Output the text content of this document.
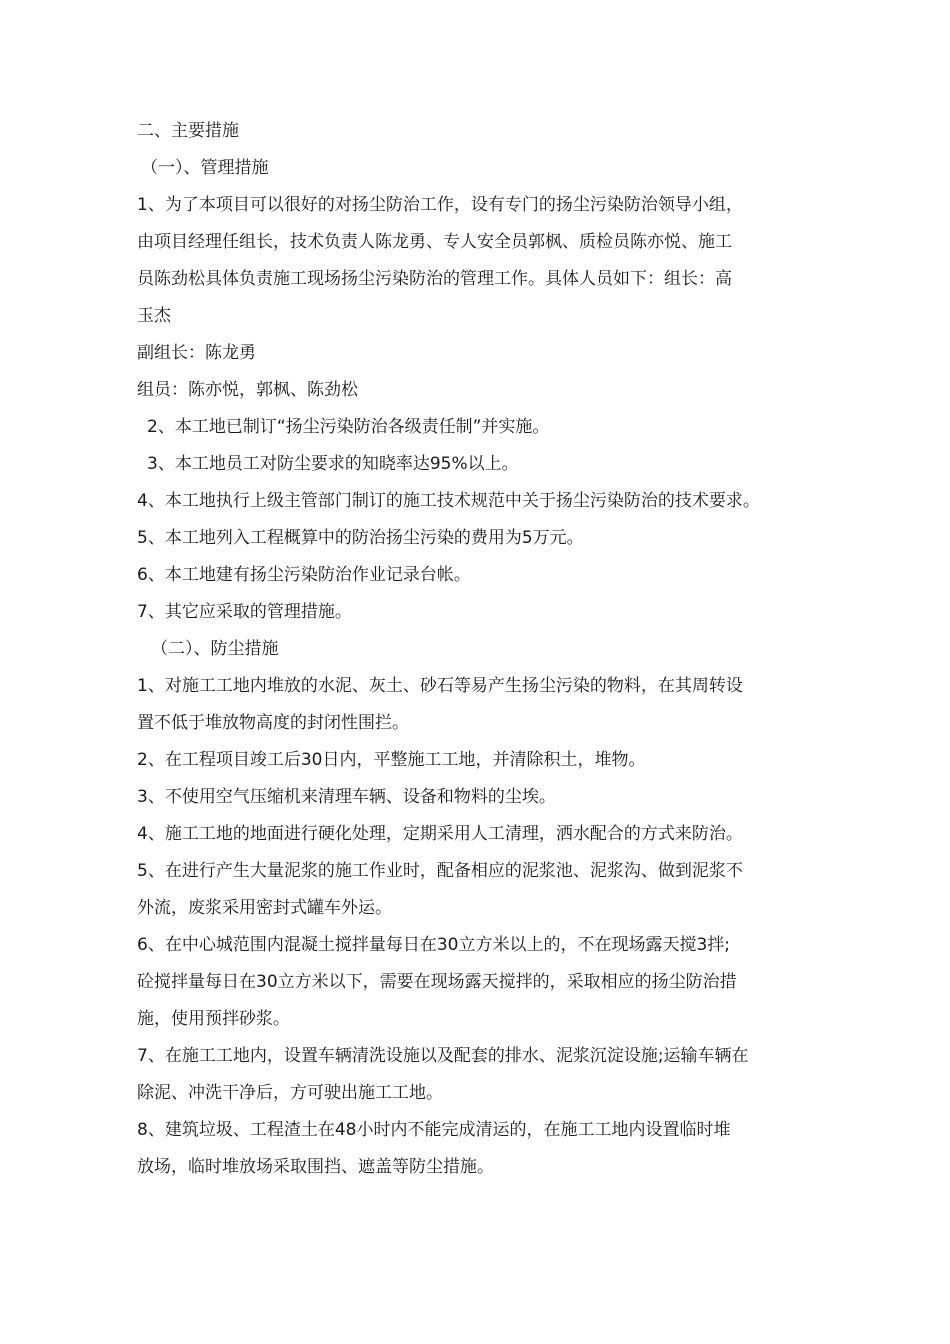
二、主要措施
（一）、管理措施
1、为了本项目可以很好的对扬尘防治工作，设有专门的扬尘污染防治领导小组，
由项目经理任组长，技术负责人陈龙勇、专人安全员郭枫、质检员陈亦悦、施工
员陈劲松具体负责施工现场扬尘污染防治的管理工作。具体人员如下：组长：高
玉杰
副组长：陈龙勇
组员：陈亦悦，郭枫、陈劲松
2、本工地已制订“扬尘污染防治各级责任制”并实施。
3、本工地员工对防尘要求的知晓率达95%以上。
4、本工地执行上级主管部门制订的施工技术规范中关于扬尘污染防治的技术要求。
5、本工地列入工程概算中的防治扬尘污染的费用为5万元。
6、本工地建有扬尘污染防治作业记录台帐。
7、其它应采取的管理措施。
（二）、防尘措施
1、对施工工地内堆放的水泥、灰土、砂石等易产生扬尘污染的物料，在其周转设
置不低于堆放物高度的封闭性围拦。
2、在工程项目竣工后30日内，平整施工工地，并清除积土，堆物。
3、不使用空气压缩机来清理车辆、设备和物料的尘埃。
4、施工工地的地面进行硬化处理，定期采用人工清理，洒水配合的方式来防治。
5、在进行产生大量泥浆的施工作业时，配备相应的泥浆池、泥浆沟、做到泥浆不
外流，废浆采用密封式罐车外运。
6、在中心城范围内混凝土搅拌量每日在30立方米以上的，不在现场露天搅3拌;
砼搅拌量每日在30立方米以下，需要在现场露天搅拌的，采取相应的扬尘防治措
施，使用预拌砂浆。
7、在施工工地内，设置车辆清洗设施以及配套的排水、泥浆沉淀设施;运输车辆在
除泥、冲洗干净后，方可驶出施工工地。
8、建筑垃圾、工程渣土在48小时内不能完成清运的，在施工工地内设置临时堆
放场，临时堆放场采取围挡、遮盖等防尘措施。
